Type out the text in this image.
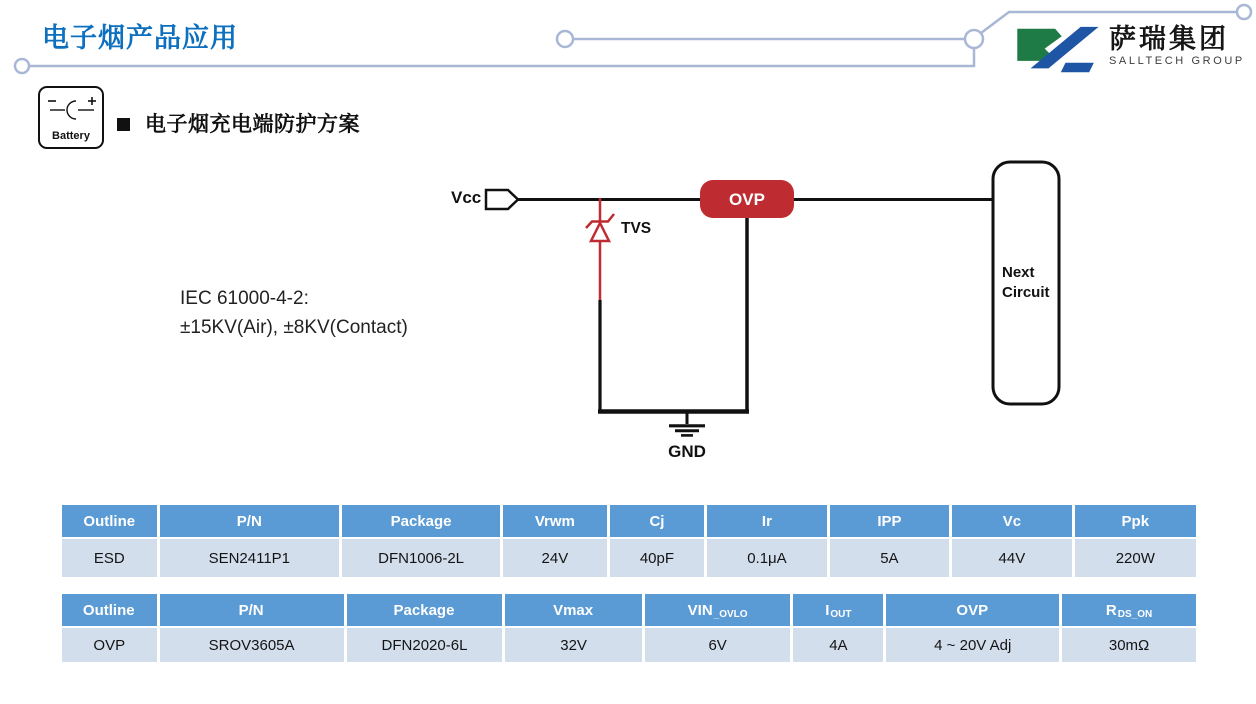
电子烟产品应用	萨瑞集团
SALLTECH GROUP
Battery	电子烟充电端防护方案
IEC 61000-4-2:
±15KV(Air), ±8KV(Contact)
Vcc
TVS
OVP
GND
Next
Circuit
Outline	P/N	Package	Vrwm	Cj	Ir	IPP	Vc	Ppk
ESD	SEN2411P1	DFN1006-2L	24V	40pF	0.1μA	5A	44V	220W
Outline	P/N	Package	Vmax	VIN _OVLO	I OUT	OVP	R DS_ON
OVP	SROV3605A	DFN2020-6L	32V	6V	4A	4 ~ 20V Adj	30mΩ
